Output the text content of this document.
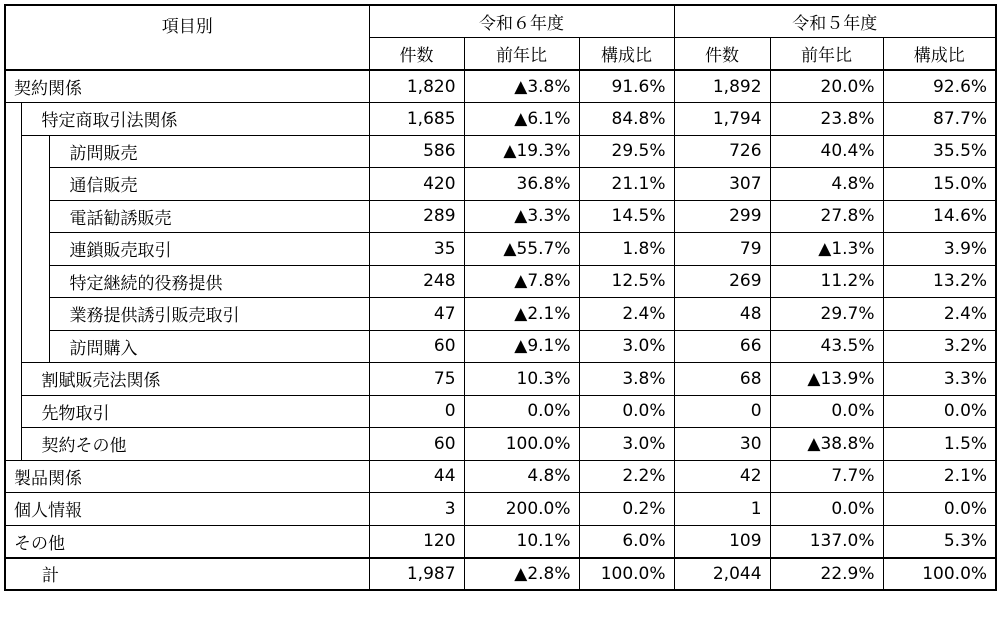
項目別			令和６年度			令和５年度		
			件数	前年比	構成比	件数	前年比	構成比
契約関係			1,820	▲3.8%	91.6%	1,892	20.0%	92.6%
	特定商取引法関係		1,685	▲6.1%	84.8%	1,794	23.8%	87.7%
		訪問販売	586	▲19.3%	29.5%	726	40.4%	35.5%
		通信販売	420	36.8%	21.1%	307	4.8%	15.0%
		電話勧誘販売	289	▲3.3%	14.5%	299	27.8%	14.6%
		連鎖販売取引	35	▲55.7%	1.8%	79	▲1.3%	3.9%
		特定継続的役務提供	248	▲7.8%	12.5%	269	11.2%	13.2%
		業務提供誘引販売取引	47	▲2.1%	2.4%	48	29.7%	2.4%
		訪問購入	60	▲9.1%	3.0%	66	43.5%	3.2%
	割賦販売法関係		75	10.3%	3.8%	68	▲13.9%	3.3%
	先物取引		0	0.0%	0.0%	0	0.0%	0.0%
	契約その他		60	100.0%	3.0%	30	▲38.8%	1.5%
製品関係			44	4.8%	2.2%	42	7.7%	2.1%
個人情報			3	200.0%	0.2%	1	0.0%	0.0%
その他			120	10.1%	6.0%	109	137.0%	5.3%
計			1,987	▲2.8%	100.0%	2,044	22.9%	100.0%
